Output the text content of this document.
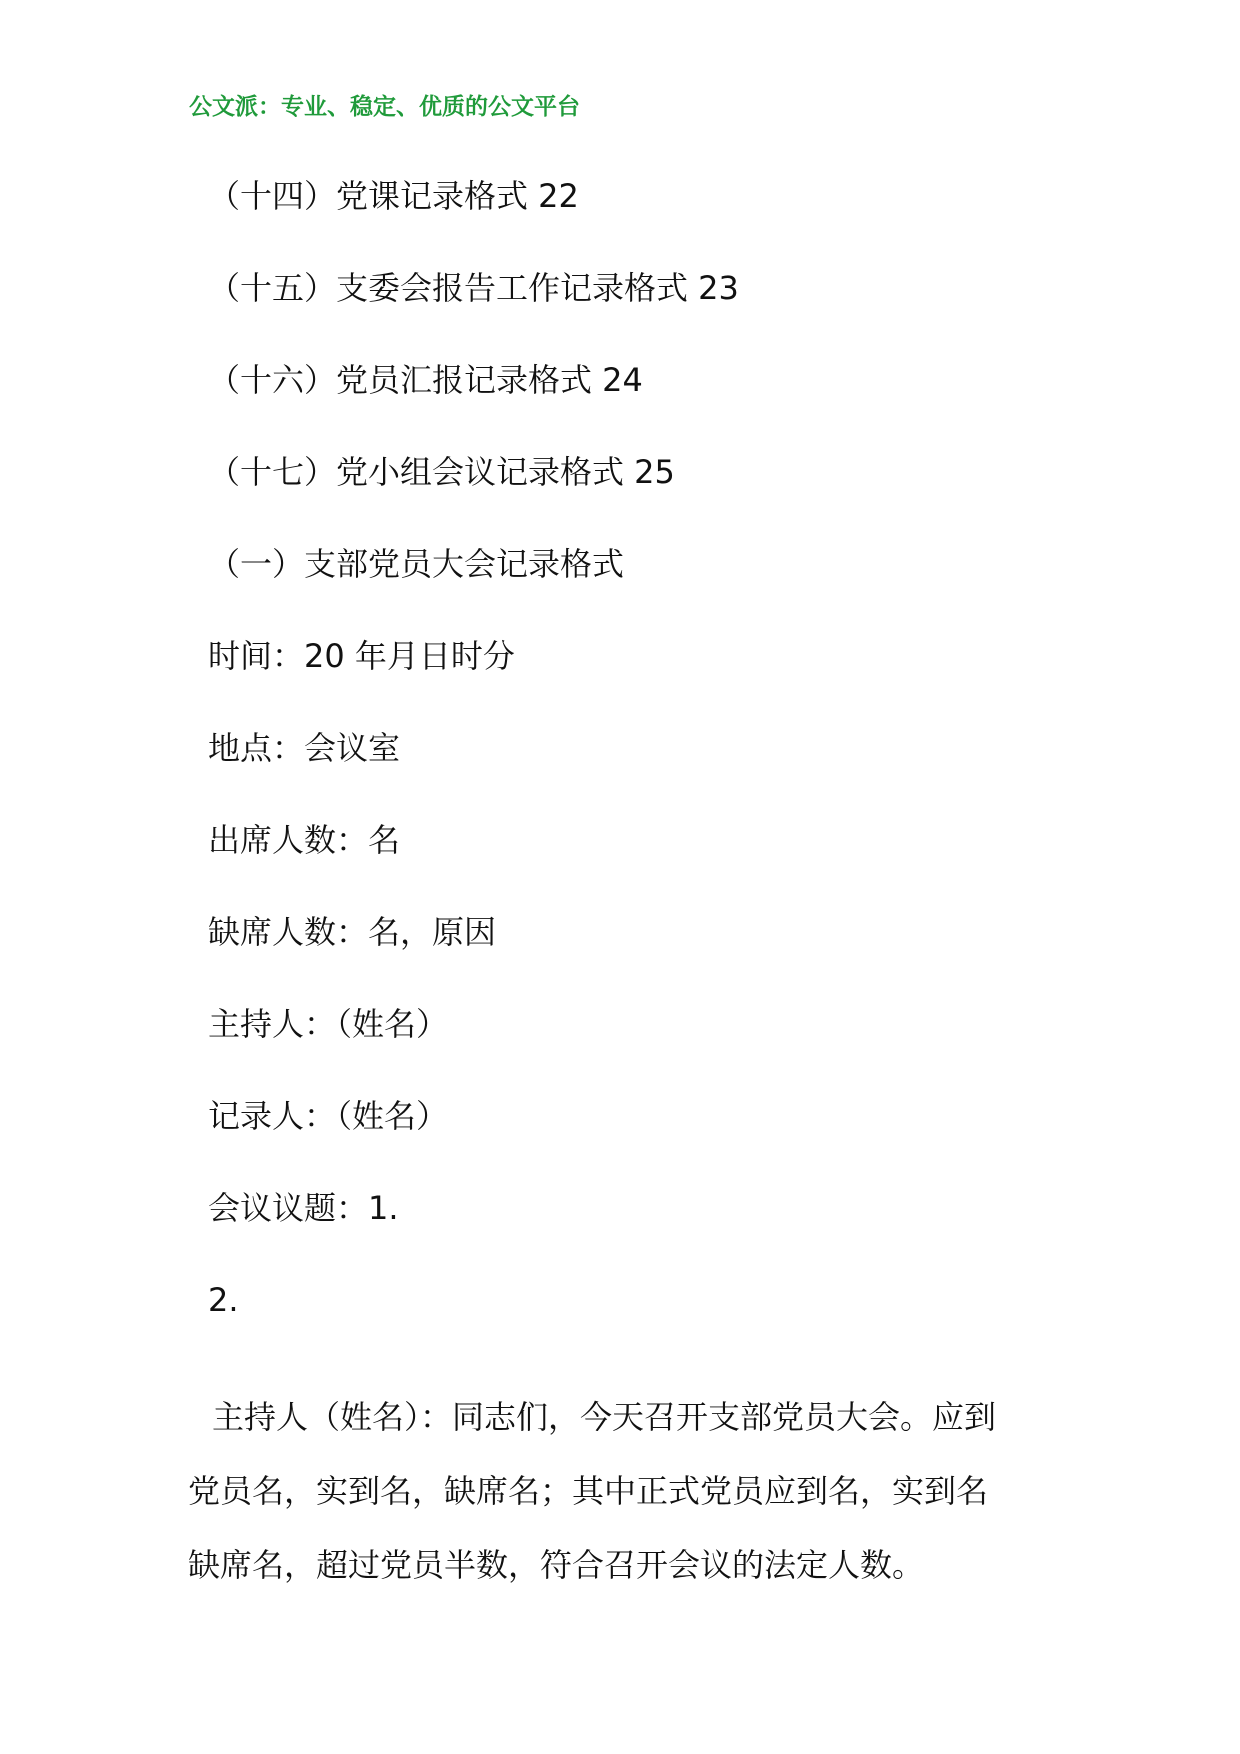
公文派：专业、稳定、优质的公文平台
（十四）党课记录格式 22
（十五）支委会报告工作记录格式 23
（十六）党员汇报记录格式 24
（十七）党小组会议记录格式 25
（一）支部党员大会记录格式
时间：20 年月日时分
地点：会议室
出席人数：名
缺席人数：名，原因
主持人：（姓名）
记录人：（姓名）
会议议题：1.
2.
主持人（姓名）：同志们，今天召开支部党员大会。应到
党员名，实到名，缺席名；其中正式党员应到名，实到名
缺席名，超过党员半数，符合召开会议的法定人数。
